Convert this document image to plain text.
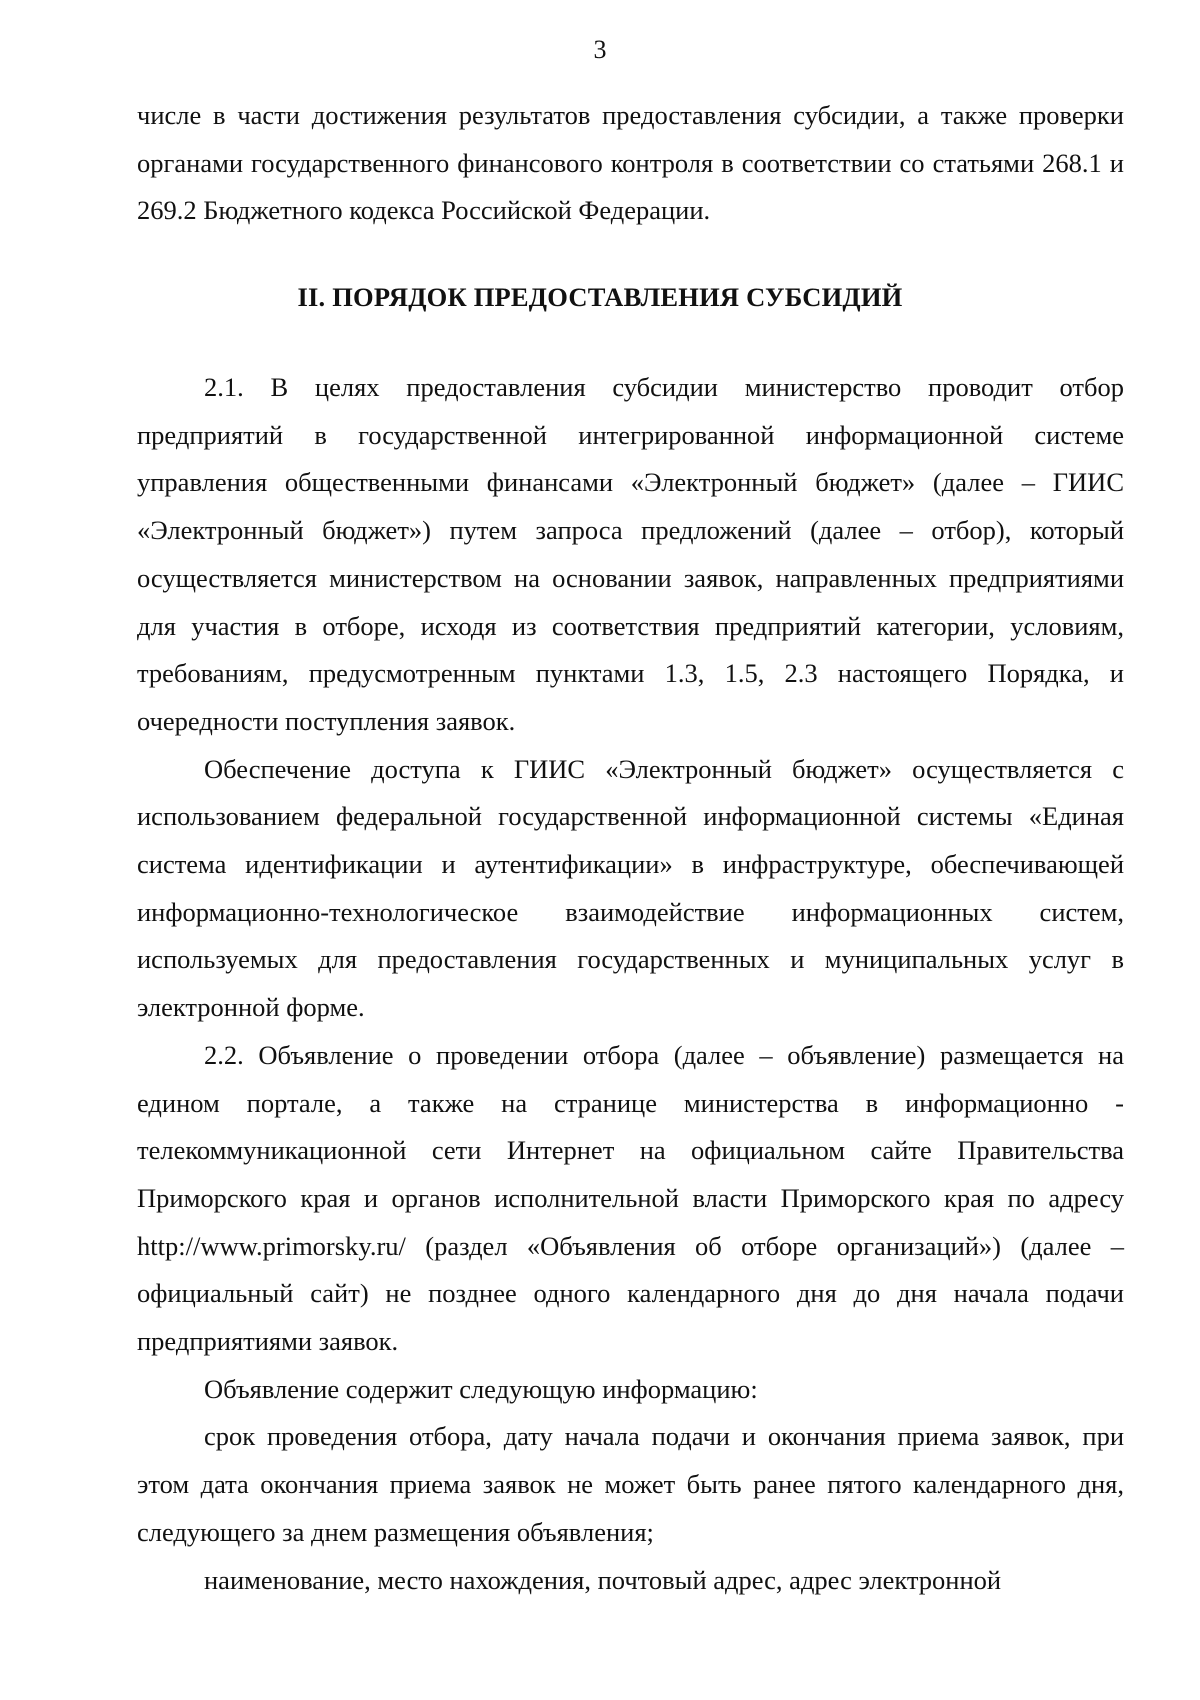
3

числе в части достижения результатов предоставления субсидии, а также проверки органами государственного финансового контроля в соответствии со статьями 268.1 и 269.2 Бюджетного кодекса Российской Федерации.

II. ПОРЯДОК ПРЕДОСТАВЛЕНИЯ СУБСИДИЙ

2.1. В целях предоставления субсидии министерство проводит отбор предприятий в государственной интегрированной информационной системе управления общественными финансами «Электронный бюджет» (далее – ГИИС «Электронный бюджет») путем запроса предложений (далее – отбор), который осуществляется министерством на основании заявок, направленных предприятиями для участия в отборе, исходя из соответствия предприятий категории, условиям, требованиям, предусмотренным пунктами 1.3, 1.5, 2.3 настоящего Порядка, и очередности поступления заявок.

Обеспечение доступа к ГИИС «Электронный бюджет» осуществляется с использованием федеральной государственной информационной системы «Единая система идентификации и аутентификации» в инфраструктуре, обеспечивающей информационно-технологическое взаимодействие информационных систем, используемых для предоставления государственных и муниципальных услуг в электронной форме.

2.2. Объявление о проведении отбора (далее – объявление) размещается на едином портале, а также на странице министерства в информационно - телекоммуникационной сети Интернет на официальном сайте Правительства Приморского края и органов исполнительной власти Приморского края по адресу http://www.primorsky.ru/ (раздел «Объявления об отборе организаций») (далее – официальный сайт) не позднее одного календарного дня до дня начала подачи предприятиями заявок.

Объявление содержит следующую информацию:

срок проведения отбора, дату начала подачи и окончания приема заявок, при этом дата окончания приема заявок не может быть ранее пятого календарного дня, следующего за днем размещения объявления;

наименование, место нахождения, почтовый адрес, адрес электронной
